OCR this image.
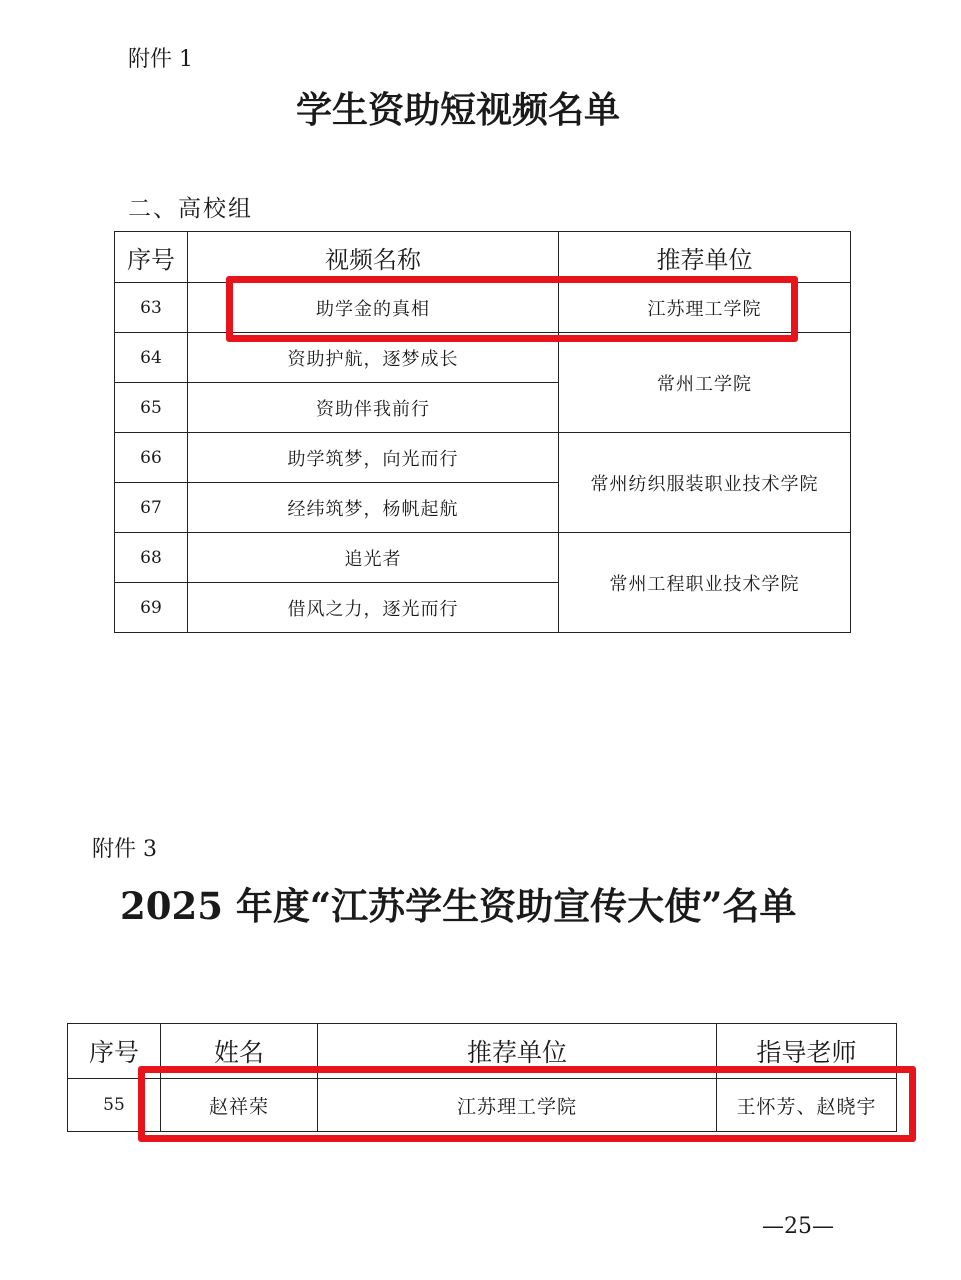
附件 1
学生资助短视频名单
二、高校组
序号	视频名称	推荐单位
63	助学金的真相	江苏理工学院
64	资助护航，逐梦成长	常州工学院
65	资助伴我前行	
66	助学筑梦，向光而行	常州纺织服装职业技术学院
67	经纬筑梦，杨帆起航	
68	追光者	常州工程职业技术学院
69	借风之力，逐光而行	
附件 3
2025 年度“江苏学生资助宣传大使”名单
序号	姓名	推荐单位	指导老师
55	赵祥荣	江苏理工学院	王怀芳、赵晓宇
—25—
